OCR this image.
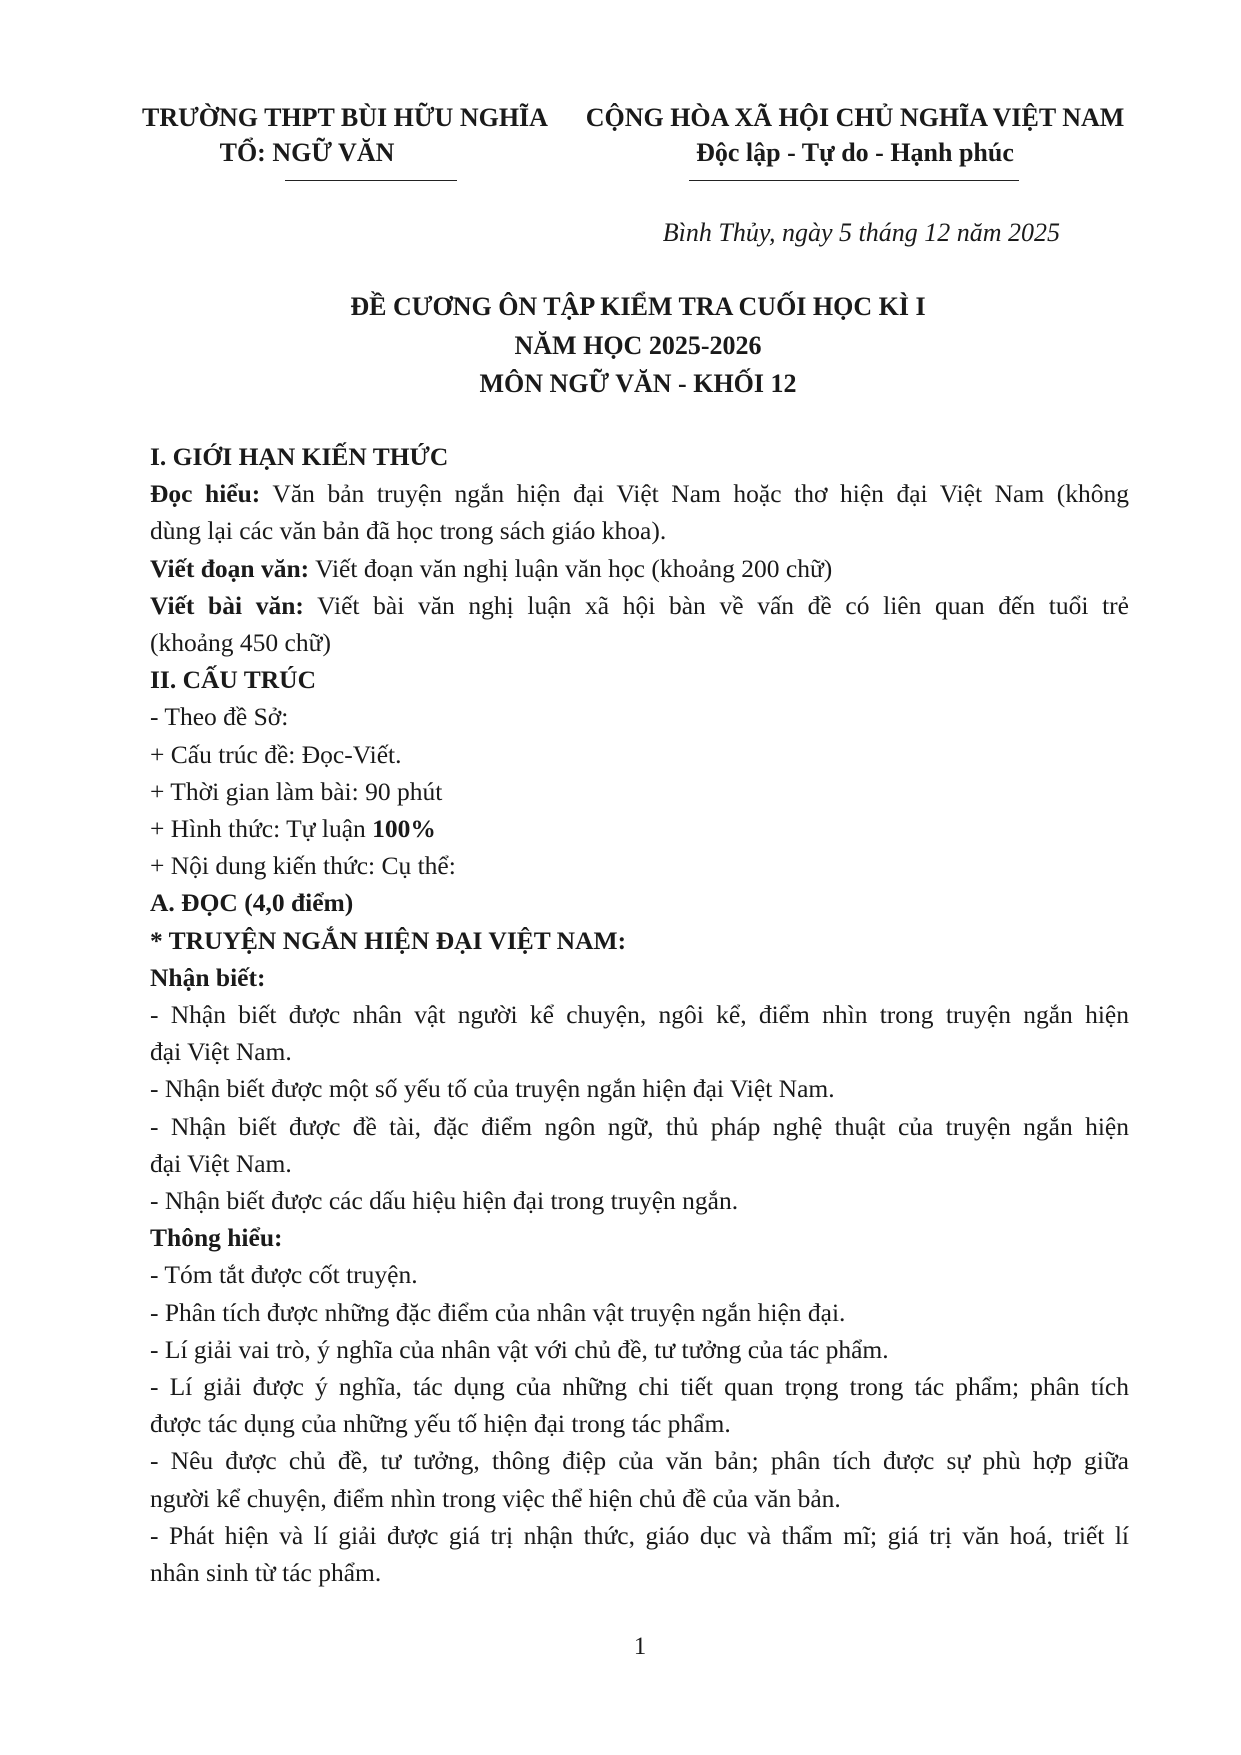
TRƯỜNG THPT BÙI HỮU NGHĨA
TỔ: NGỮ VĂN
CỘNG HÒA XÃ HỘI CHỦ NGHĨA VIỆT NAM
Độc lập - Tự do - Hạnh phúc
Bình Thủy, ngày 5 tháng 12 năm 2025
ĐỀ CƯƠNG ÔN TẬP KIỂM TRA CUỐI HỌC KÌ I
NĂM HỌC 2025-2026
MÔN NGỮ VĂN - KHỐI 12
I. GIỚI HẠN KIẾN THỨC
Đọc hiểu: Văn bản truyện ngắn hiện đại Việt Nam hoặc thơ hiện đại Việt Nam (không
dùng lại các văn bản đã học trong sách giáo khoa).
Viết đoạn văn: Viết đoạn văn nghị luận văn học (khoảng 200 chữ)
Viết bài văn: Viết bài văn nghị luận xã hội bàn về vấn đề có liên quan đến tuổi trẻ
(khoảng 450 chữ)
II. CẤU TRÚC
- Theo đề Sở:
+ Cấu trúc đề: Đọc-Viết.
+ Thời gian làm bài: 90 phút
+ Hình thức: Tự luận 100%
+ Nội dung kiến thức: Cụ thể:
A. ĐỌC (4,0 điểm)
* TRUYỆN NGẮN HIỆN ĐẠI VIỆT NAM:
Nhận biết:
- Nhận biết được nhân vật người kể chuyện, ngôi kể, điểm nhìn trong truyện ngắn hiện
đại Việt Nam.
- Nhận biết được một số yếu tố của truyện ngắn hiện đại Việt Nam.
- Nhận biết được đề tài, đặc điểm ngôn ngữ, thủ pháp nghệ thuật của truyện ngắn hiện
đại Việt Nam.
- Nhận biết được các dấu hiệu hiện đại trong truyện ngắn.
Thông hiểu:
- Tóm tắt được cốt truyện.
- Phân tích được những đặc điểm của nhân vật truyện ngắn hiện đại.
- Lí giải vai trò, ý nghĩa của nhân vật với chủ đề, tư tưởng của tác phẩm.
- Lí giải được ý nghĩa, tác dụng của những chi tiết quan trọng trong tác phẩm; phân tích
được tác dụng của những yếu tố hiện đại trong tác phẩm.
- Nêu được chủ đề, tư tưởng, thông điệp của văn bản; phân tích được sự phù hợp giữa
người kể chuyện, điểm nhìn trong việc thể hiện chủ đề của văn bản.
- Phát hiện và lí giải được giá trị nhận thức, giáo dục và thẩm mĩ; giá trị văn hoá, triết lí
nhân sinh từ tác phẩm.
1
